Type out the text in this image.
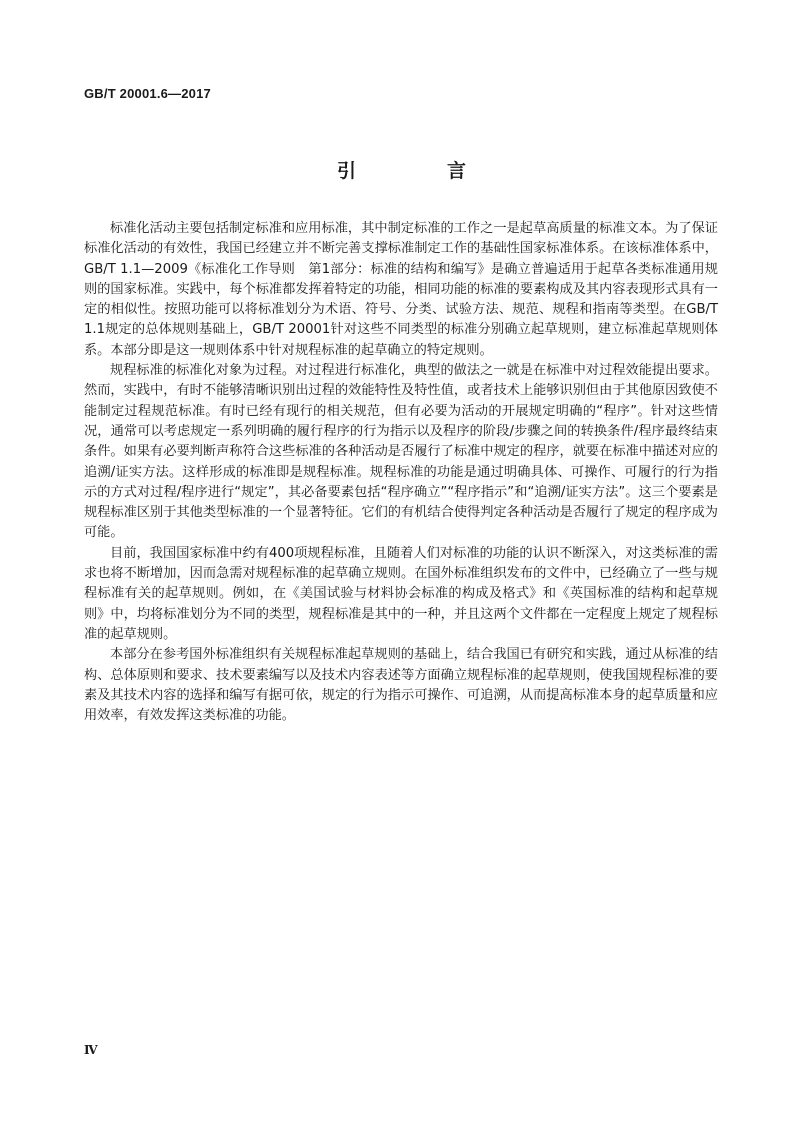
GB/T 20001.6—2017
引　言

标准化活动主要包括制定标准和应用标准，其中制定标准的工作之一是起草高质量的标准文本。为了保证标准化活动的有效性，我国已经建立并不断完善支撑标准制定工作的基础性国家标准体系。在该标准体系中，GB/T 1.1—2009《标准化工作导则　第1部分：标准的结构和编写》是确立普遍适用于起草各类标准通用规则的国家标准。实践中，每个标准都发挥着特定的功能，相同功能的标准的要素构成及其内容表现形式具有一定的相似性。按照功能可以将标准划分为术语、符号、分类、试验方法、规范、规程和指南等类型。在GB/T 1.1规定的总体规则基础上，GB/T 20001针对这些不同类型的标准分别确立起草规则，建立标准起草规则体系。本部分即是这一规则体系中针对规程标准的起草确立的特定规则。

规程标准的标准化对象为过程。对过程进行标准化，典型的做法之一就是在标准中对过程效能提出要求。然而，实践中，有时不能够清晰识别出过程的效能特性及特性值，或者技术上能够识别但由于其他原因致使不能制定过程规范标准。有时已经有现行的相关规范，但有必要为活动的开展规定明确的“程序”。针对这些情况，通常可以考虑规定一系列明确的履行程序的行为指示以及程序的阶段/步骤之间的转换条件/程序最终结束条件。如果有必要判断声称符合这些标准的各种活动是否履行了标准中规定的程序，就要在标准中描述对应的追溯/证实方法。这样形成的标准即是规程标准。规程标准的功能是通过明确具体、可操作、可履行的行为指示的方式对过程/程序进行“规定”，其必备要素包括“程序确立”“程序指示”和“追溯/证实方法”。这三个要素是规程标准区别于其他类型标准的一个显著特征。它们的有机结合使得判定各种活动是否履行了规定的程序成为可能。

目前，我国国家标准中约有400项规程标准，且随着人们对标准的功能的认识不断深入，对这类标准的需求也将不断增加，因而急需对规程标准的起草确立规则。在国外标准组织发布的文件中，已经确立了一些与规程标准有关的起草规则。例如，在《美国试验与材料协会标准的构成及格式》和《英国标准的结构和起草规则》中，均将标准划分为不同的类型，规程标准是其中的一种，并且这两个文件都在一定程度上规定了规程标准的起草规则。

本部分在参考国外标准组织有关规程标准起草规则的基础上，结合我国已有研究和实践，通过从标准的结构、总体原则和要求、技术要素编写以及技术内容表述等方面确立规程标准的起草规则，使我国规程标准的要素及其技术内容的选择和编写有据可依，规定的行为指示可操作、可追溯，从而提高标准本身的起草质量和应用效率，有效发挥这类标准的功能。

Ⅳ
